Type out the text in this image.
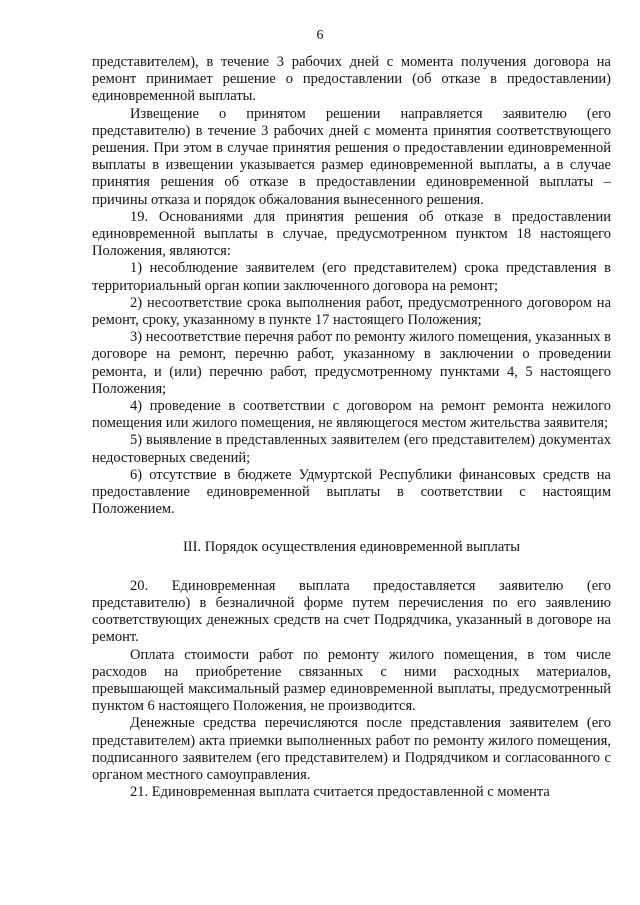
6

представителем), в течение 3 рабочих дней с момента получения договора на ремонт принимает решение о предоставлении (об отказе в предоставлении) единовременной выплаты.

Извещение о принятом решении направляется заявителю (его представителю) в течение 3 рабочих дней с момента принятия соответствующего решения. При этом в случае принятия решения о предоставлении единовременной выплаты в извещении указывается размер единовременной выплаты, а в случае принятия решения об отказе в предоставлении единовременной выплаты – причины отказа и порядок обжалования вынесенного решения.

19. Основаниями для принятия решения об отказе в предоставлении единовременной выплаты в случае, предусмотренном пунктом 18 настоящего Положения, являются:

1) несоблюдение заявителем (его представителем) срока представления в территориальный орган копии заключенного договора на ремонт;

2) несоответствие срока выполнения работ, предусмотренного договором на ремонт, сроку, указанному в пункте 17 настоящего Положения;

3) несоответствие перечня работ по ремонту жилого помещения, указанных в договоре на ремонт, перечню работ, указанному в заключении о проведении ремонта, и (или) перечню работ, предусмотренному пунктами 4, 5 настоящего Положения;

4) проведение в соответствии с договором на ремонт ремонта нежилого помещения или жилого помещения, не являющегося местом жительства заявителя;

5) выявление в представленных заявителем (его представителем) документах недостоверных сведений;

6) отсутствие в бюджете Удмуртской Республики финансовых средств на предоставление единовременной выплаты в соответствии с настоящим Положением.

III. Порядок осуществления единовременной выплаты

20. Единовременная выплата предоставляется заявителю (его представителю) в безналичной форме путем перечисления по его заявлению соответствующих денежных средств на счет Подрядчика, указанный в договоре на ремонт.

Оплата стоимости работ по ремонту жилого помещения, в том числе расходов на приобретение связанных с ними расходных материалов, превышающей максимальный размер единовременной выплаты, предусмотренный пунктом 6 настоящего Положения, не производится.

Денежные средства перечисляются после представления заявителем (его представителем) акта приемки выполненных работ по ремонту жилого помещения, подписанного заявителем (его представителем) и Подрядчиком и согласованного с органом местного самоуправления.

21. Единовременная выплата считается предоставленной с момента
